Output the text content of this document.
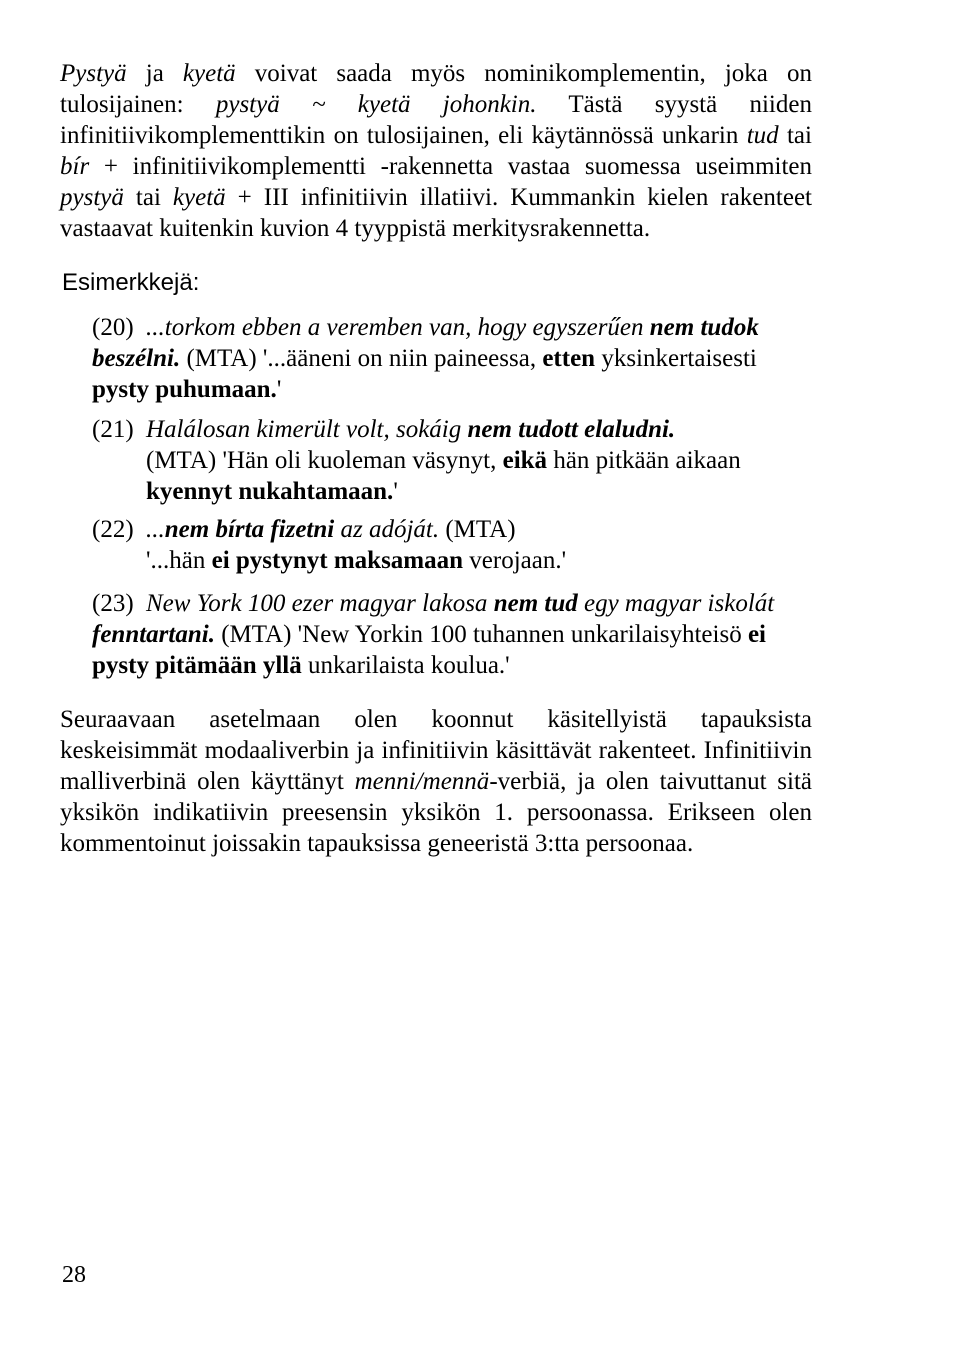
Pystyä ja kyetä voivat saada myös nominikomplementin, joka on tulosijainen: pystyä ~ kyetä johonkin. Tästä syystä niiden infinitiivikomplementtikin on tulosijainen, eli käytännössä unkarin tud tai bír + infinitiivikomplementti -rakennetta vastaa suomessa useimmiten pystyä tai kyetä + III infinitiivin illatiivi. Kummankin kielen rakenteet vastaavat kuitenkin kuvion 4 tyyppistä merkitysrakennetta.

Esimerkkejä:

(20) ...torkom ebben a veremben van, hogy egyszerűen nem tudok beszélni. (MTA) '...ääneni on niin paineessa, etten yksinkertaisesti pysty puhumaan.'

(21) Halálosan kimerült volt, sokáig nem tudott elaludni.
(MTA) 'Hän oli kuoleman väsynyt, eikä hän pitkään aikaan kyennyt nukahtamaan.'

(22) ...nem bírta fizetni az adóját. (MTA)
'...hän ei pystynyt maksamaan verojaan.'

(23) New York 100 ezer magyar lakosa nem tud egy magyar iskolát fenntartani. (MTA) 'New Yorkin 100 tuhannen unkarilaisyhteisö ei pysty pitämään yllä unkarilaista koulua.'

Seuraavaan asetelmaan olen koonnut käsitellyistä tapauksista keskeisimmät modaaliverbin ja infinitiivin käsittävät rakenteet. Infinitiivin malliverbinä olen käyttänyt menni/mennä-verbiä, ja olen taivuttanut sitä yksikön indikatiivin preesensin yksikön 1. persoonassa. Erikseen olen kommentoinut joissakin tapauksissa geneeristä 3:tta persoonaa.

28
